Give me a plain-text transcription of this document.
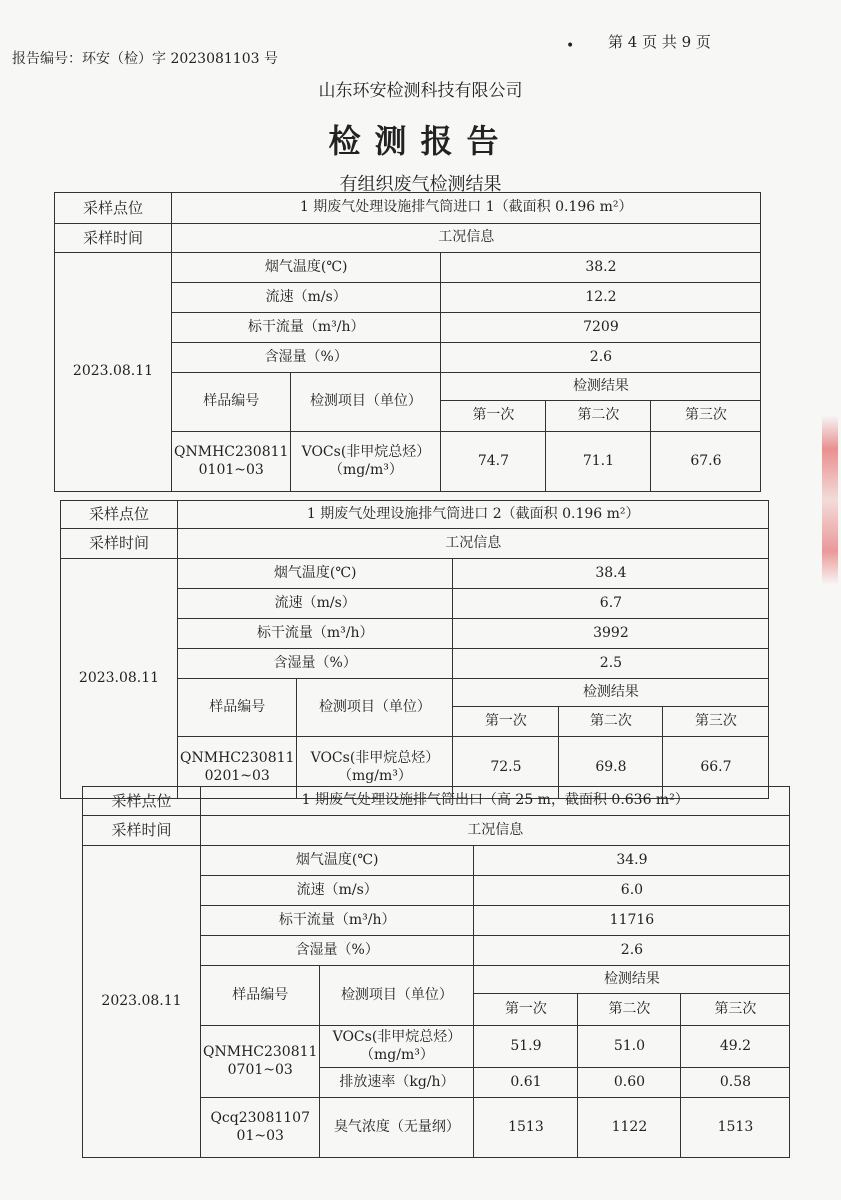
报告编号：环安（检）字 2023081103 号
• 第 4 页 共 9 页
山东环安检测科技有限公司
检测报告
有组织废气检测结果
采样点位	1 期废气处理设施排气筒进口 1（截面积 0.196 m²）				
采样时间	工况信息				
2023.08.11	烟气温度(℃)		38.2		
	流速（m/s）		12.2		
	标干流量（m³/h）		7209		
	含湿量（%）		2.6		
	样品编号	检测项目（单位）	检测结果		
			第一次	第二次	第三次
	QNMHC230811 0101~03	VOCs(非甲烷总烃）（mg/m³）	74.7	71.1	67.6
采样点位	1 期废气处理设施排气筒进口 2（截面积 0.196 m²）				
采样时间	工况信息				
2023.08.11	烟气温度(℃)		38.4		
	流速（m/s）		6.7		
	标干流量（m³/h）		3992		
	含湿量（%）		2.5		
	样品编号	检测项目（单位）	检测结果		
			第一次	第二次	第三次
	QNMHC230811 0201~03	VOCs(非甲烷总烃）（mg/m³）	72.5	69.8	66.7
采样点位	1 期废气处理设施排气筒出口（高 25 m，截面积 0.636 m²）				
采样时间	工况信息				
2023.08.11	烟气温度(℃)		34.9		
	流速（m/s）		6.0		
	标干流量（m³/h）		11716		
	含湿量（%）		2.6		
	样品编号	检测项目（单位）	检测结果		
			第一次	第二次	第三次
	QNMHC230811 0701~03	VOCs(非甲烷总烃）（mg/m³）	51.9	51.0	49.2
		排放速率（kg/h）	0.61	0.60	0.58
	Qcq23081107 01~03	臭气浓度（无量纲）	1513	1122	1513
